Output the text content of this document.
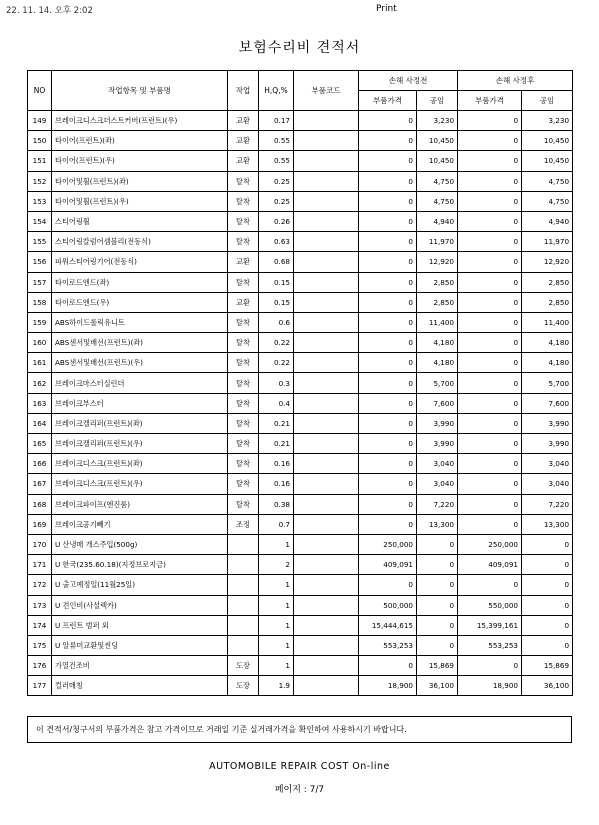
22. 11. 14. 오후 2:02	Print
보험수리비 견적서
NO	작업항목 및 부품명	작업	H,Q,%	부품코드	손해 사정전		손해 사정후	
					부품가격	공임	부품가격	공임
149	브레이크디스크더스트커버(프런트)(우)	교환	0.17		0	3,230	0	3,230
150	타이어(프런트)(좌)	교환	0.55		0	10,450	0	10,450
151	타이어(프런트)(우)	교환	0.55		0	10,450	0	10,450
152	타이어및휠(프런트)(좌)	탈착	0.25		0	4,750	0	4,750
153	타이어및휠(프런트)(우)	탈착	0.25		0	4,750	0	4,750
154	스티어링휠	탈착	0.26		0	4,940	0	4,940
155	스티어링칼럼어셈블리(전동식)	탈착	0.63		0	11,970	0	11,970
156	파워스티어링기어(전동식)	교환	0.68		0	12,920	0	12,920
157	타이로드엔드(좌)	탈착	0.15		0	2,850	0	2,850
158	타이로드엔드(우)	교환	0.15		0	2,850	0	2,850
159	ABS하이드롤릭유니트	탈착	0.6		0	11,400	0	11,400
160	ABS센서및배선(프런트)(좌)	탈착	0.22		0	4,180	0	4,180
161	ABS센서및배선(프런트)(우)	탈착	0.22		0	4,180	0	4,180
162	브레이크마스터실린더	탈착	0.3		0	5,700	0	5,700
163	브레이크부스터	탈착	0.4		0	7,600	0	7,600
164	브레이크캘리퍼(프런트)(좌)	탈착	0.21		0	3,990	0	3,990
165	브레이크캘리퍼(프런트)(우)	탈착	0.21		0	3,990	0	3,990
166	브레이크디스크(프런트)(좌)	탈착	0.16		0	3,040	0	3,040
167	브레이크디스크(프런트)(우)	탈착	0.16		0	3,040	0	3,040
168	브레이크파이프(엔진룸)	탈착	0.38		0	7,220	0	7,220
169	브레이크공기빼기	조정	0.7		0	13,300	0	13,300
170	U 산냉매 개스주입(500g)		1		250,000	0	250,000	0
171	U 한국(235.60.18)(지정브로지금)		2		409,091	0	409,091	0
172	U 출고예정일(11월25일)		1		0	0	0	0
173	U 견인비(사설렉카)		1		500,000	0	550,000	0
174	U 프런트 범퍼 외		1		15,444,615	0	15,399,161	0
175	U 알류미교환및씬딩		1		553,253	0	553,253	0
176	가열건조비	도장	1		0	15,869	0	15,869
177	컬러매칭	도장	1.9		18,900	36,100	18,900	36,100
이 견적서/청구서의 부품가격은 참고 가격이므로 거래일 기준 실거래가격을 확인하여 사용하시기 바랍니다.
AUTOMOBILE REPAIR COST On-line
페이지 : 7/7
